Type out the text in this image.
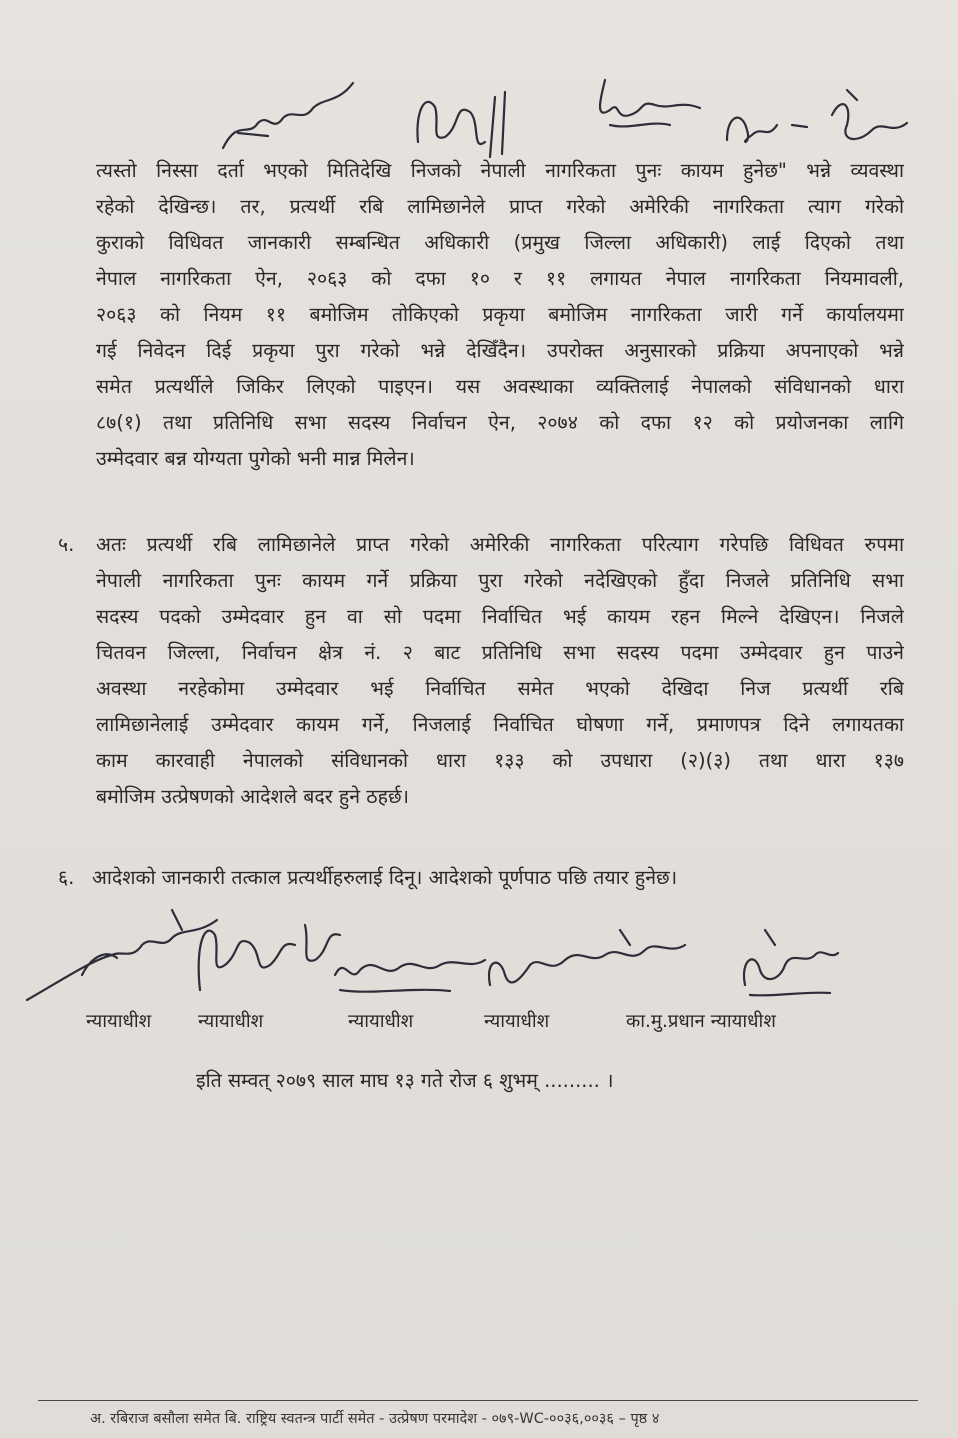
त्यस्तो निस्सा दर्ता भएको मितिदेखि निजको नेपाली नागरिकता पुनः कायम हुनेछ" भन्ने व्यवस्था
रहेको देखिन्छ। तर, प्रत्यर्थी रबि लामिछानेले प्राप्त गरेको अमेरिकी नागरिकता त्याग गरेको
कुराको विधिवत जानकारी सम्बन्धित अधिकारी (प्रमुख जिल्ला अधिकारी) लाई दिएको तथा
नेपाल नागरिकता ऐन, २०६३ को दफा १० र ११ लगायत नेपाल नागरिकता नियमावली,
२०६३ को नियम ११ बमोजिम तोकिएको प्रकृया बमोजिम नागरिकता जारी गर्ने कार्यालयमा
गई निवेदन दिई प्रकृया पुरा गरेको भन्ने देखिँदैन। उपरोक्त अनुसारको प्रक्रिया अपनाएको भन्ने
समेत प्रत्यर्थीले जिकिर लिएको पाइएन। यस अवस्थाका व्यक्तिलाई नेपालको संविधानको धारा
८७(१) तथा प्रतिनिधि सभा सदस्य निर्वाचन ऐन, २०७४ को दफा १२ को प्रयोजनका लागि
उम्मेदवार बन्न योग्यता पुगेको भनी मान्न मिलेन।
५. अतः प्रत्यर्थी रबि लामिछानेले प्राप्त गरेको अमेरिकी नागरिकता परित्याग गरेपछि विधिवत रुपमा
नेपाली नागरिकता पुनः कायम गर्ने प्रक्रिया पुरा गरेको नदेखिएको हुँदा निजले प्रतिनिधि सभा
सदस्य पदको उम्मेदवार हुन वा सो पदमा निर्वाचित भई कायम रहन मिल्ने देखिएन। निजले
चितवन जिल्ला, निर्वाचन क्षेत्र नं. २ बाट प्रतिनिधि सभा सदस्य पदमा उम्मेदवार हुन पाउने
अवस्था नरहेकोमा उम्मेदवार भई निर्वाचित समेत भएको देखिदा निज प्रत्यर्थी रबि
लामिछानेलाई उम्मेदवार कायम गर्ने, निजलाई निर्वाचित घोषणा गर्ने, प्रमाणपत्र दिने लगायतका
काम कारवाही नेपालको संविधानको धारा १३३ को उपधारा (२)(३) तथा धारा १३७
बमोजिम उत्प्रेषणको आदेशले बदर हुने ठहर्छ।
६. आदेशको जानकारी तत्काल प्रत्यर्थीहरुलाई दिनू। आदेशको पूर्णपाठ पछि तयार हुनेछ।
न्यायाधीश	न्यायाधीश	न्यायाधीश	न्यायाधीश	का.मु.प्रधान न्यायाधीश
इति सम्वत् २०७९ साल माघ १३ गते रोज ६ शुभम् ......... ।
अ. रबिराज बसौला समेत बि. राष्ट्रिय स्वतन्त्र पार्टी समेत - उत्प्रेषण परमादेश - ०७९-WC-००३६,००३६ – पृष्ठ ४
